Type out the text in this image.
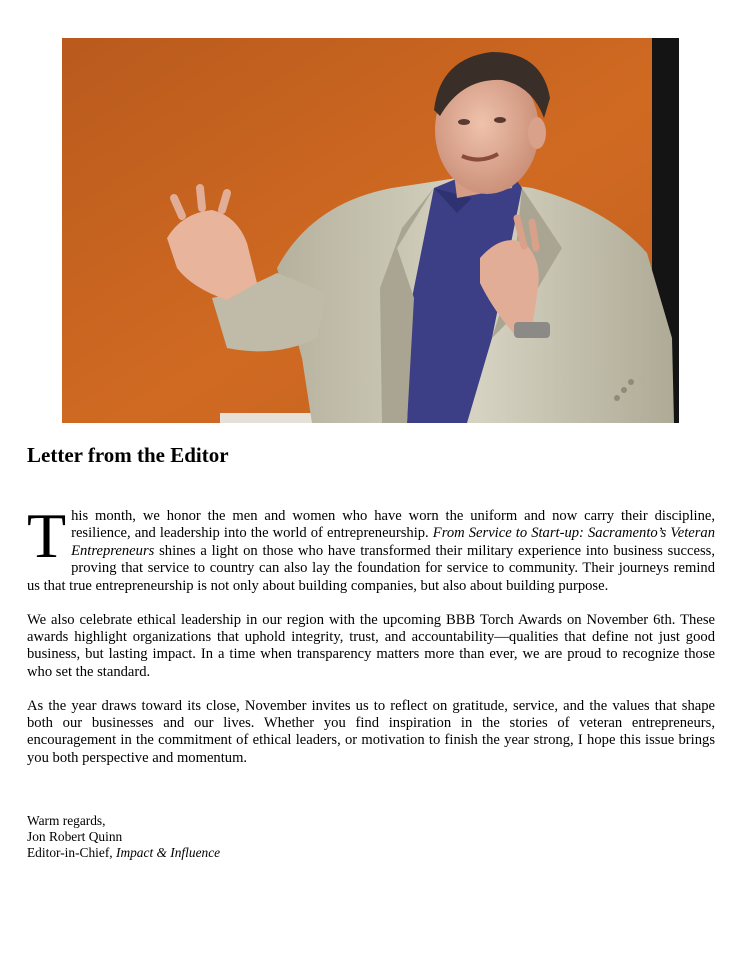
Letter from the Editor

This month, we honor the men and women who have worn the uniform and now carry their discipline, resilience, and leadership into the world of entrepreneurship. From Service to Start-up: Sacramento’s Veteran Entrepreneurs shines a light on those who have transformed their military experience into business success, proving that service to country can also lay the foundation for service to community. Their journeys remind us that true entrepreneurship is not only about building companies, but also about building purpose.

We also celebrate ethical leadership in our region with the upcoming BBB Torch Awards on November 6th. These awards highlight organizations that uphold integrity, trust, and accountability—qualities that define not just good business, but lasting impact. In a time when transparency matters more than ever, we are proud to recognize those who set the standard.

As the year draws toward its close, November invites us to reflect on gratitude, service, and the values that shape both our businesses and our lives. Whether you find inspiration in the stories of veteran entrepreneurs, encouragement in the commitment of ethical leaders, or motivation to finish the year strong, I hope this issue brings you both perspective and momentum.

Warm regards,
Jon Robert Quinn
Editor-in-Chief, Impact & Influence
